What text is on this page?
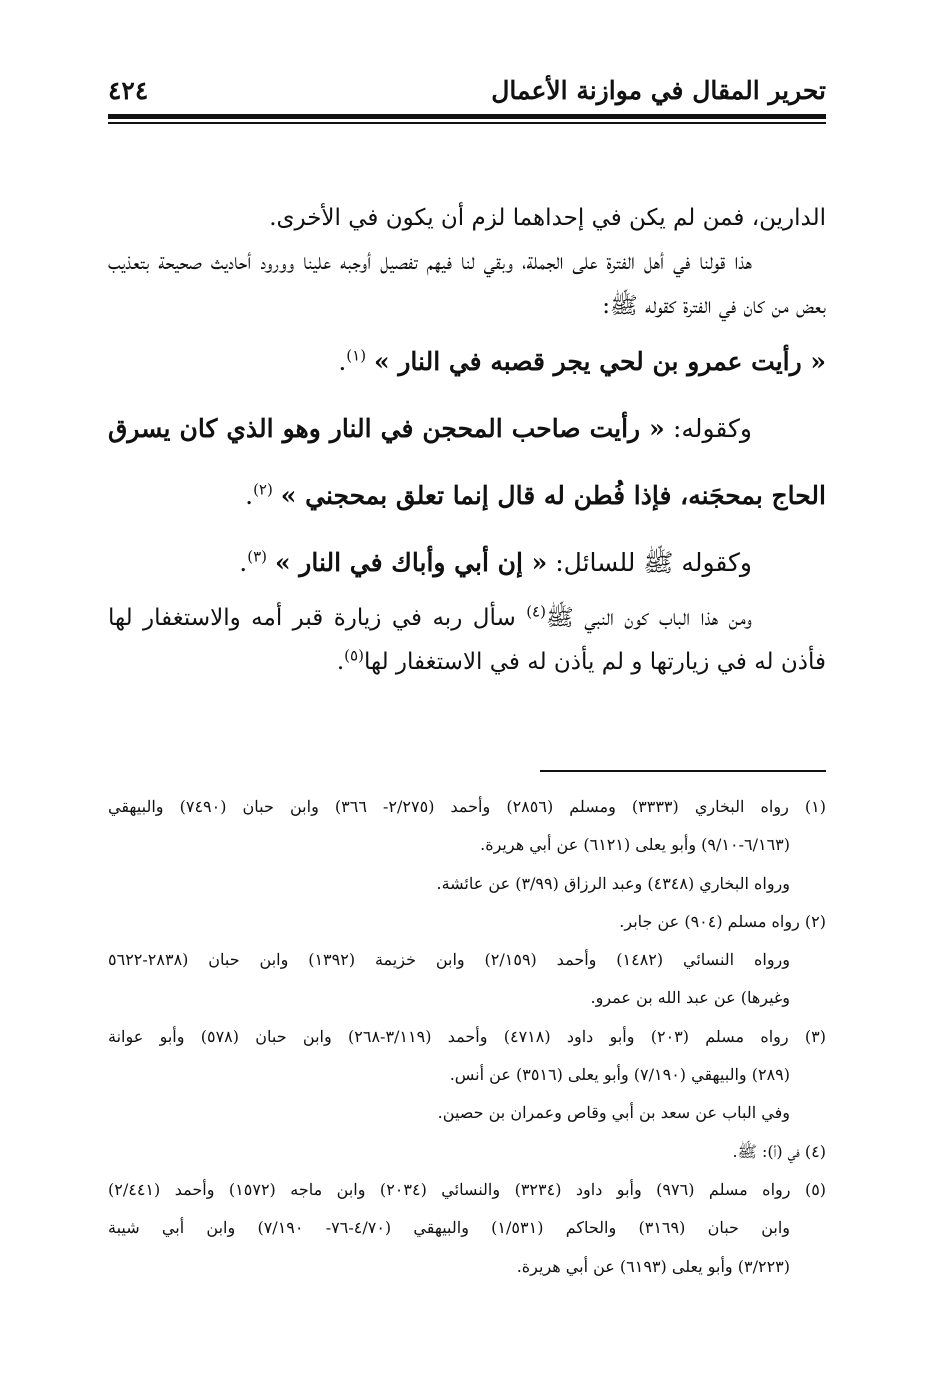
تحرير المقال في موازنة الأعمال
٤٢٤

الدارين، فمن لم يكن في إحداهما لزم أن يكون في الأخرى.

هذا قولنا في أهل الفترة على الجملة، وبقي لنا فيهم تفصيل أوجبه علينا وورود أحاديث صحيحة بتعذيب بعض من كان في الفترة كقوله ﷺ:

« رأيت عمرو بن لحي يجر قصبه في النار » $^{(١)}$.

وكقوله: « رأيت صاحب المحجن في النار وهو الذي كان يسرق الحاج بمحجَنه، فإذا فُطن له قال إنما تعلق بمحجني » $^{(٢)}$.

وكقوله ﷺ للسائل: « إن أبي وأباك في النار » $^{(٣)}$.

ومن هذا الباب كون النبي ﷺ$^{(٤)}$ سأل ربه في زيارة قبر أمه والاستغفار لها فأذن له في زيارتها و لم يأذن له في الاستغفار لها$^{(٥)}$.

(١) رواه البخاري (٣٣٣٣) ومسلم (٢٨٥٦) وأحمد (٢/٢٧٥- ٣٦٦) وابن حبان (٧٤٩٠) والبيهقي

(٦/١٦٣-٩/١٠) وأبو يعلى (٦١٢١) عن أبي هريرة.

ورواه البخاري (٤٣٤٨) وعبد الرزاق (٣/٩٩) عن عائشة.

(٢) رواه مسلم (٩٠٤) عن جابر.

ورواه النسائي (١٤٨٢) وأحمد (٢/١٥٩) وابن خزيمة (١٣٩٢) وابن حبان (٢٨٣٨-٥٦٢٢

وغيرها) عن عبد الله بن عمرو.

(٣) رواه مسلم (٢٠٣) وأبو داود (٤٧١٨) وأحمد (٣/١١٩-٢٦٨) وابن حبان (٥٧٨) وأبو عوانة

(٢٨٩) والبيهقي (٧/١٩٠) وأبو يعلى (٣٥١٦) عن أنس.

وفي الباب عن سعد بن أبي وقاص وعمران بن حصين.

(٤) في (أ): ﷺ.

(٥) رواه مسلم (٩٧٦) وأبو داود (٣٢٣٤) والنسائي (٢٠٣٤) وابن ماجه (١٥٧٢) وأحمد (٢/٤٤١)

وابن حبان (٣١٦٩) والحاكم (١/٥٣١) والبيهقي (٤/٧٠-٧٦- ٧/١٩٠) وابن أبي شيبة

(٣/٢٢٣) وأبو يعلى (٦١٩٣) عن أبي هريرة.
